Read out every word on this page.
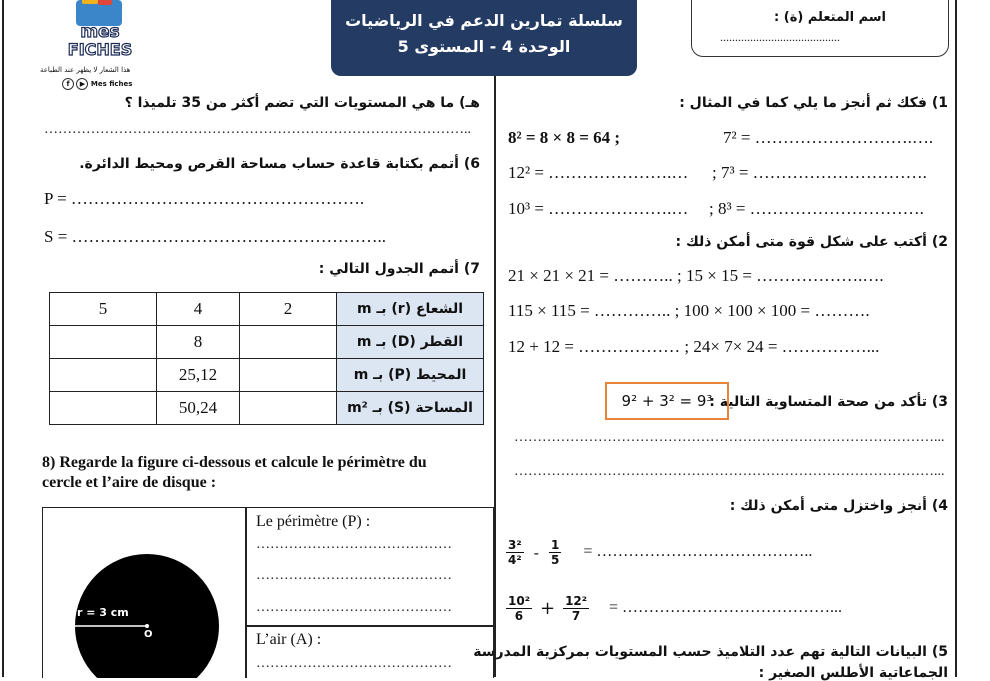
mes
FICHES
هذا الشعار لا يظهر عند الطباعة
f ▶ Mes fiches
سلسلة تمارين الدعم في الرياضيات
الوحدة 4 - المستوى 5
اسم المتعلم (ة) :
........................................
1) فكك ثم أنجز ما يلي كما في المثال :
8² = 8 × 8 = 64 ;	7² = ……………………….….
12² = ………………….… ; 7³ = ………………………….
10³ = ………………….… ; 8³ = ………………………….
2) أكتب على شكل قوة متى أمكن ذلك :
21 × 21 × 21 = ……….. ; 15 × 15 = ……………….….
115 × 115 = ………….. ; 100 × 100 × 100 = ……….
12 + 12 = ……………… ; 24× 7× 24 = ……………...
3) تأكد من صحة المتساوية التالية :
9² + 3² = 9³
………………………………………………………………………………...
………………………………………………………………………………...
4) أنجز واختزل متى أمكن ذلك :
$\frac{\text{3²}}{\text{4²}} - \frac{1}{5}$ = …………………………………..
$\frac{\text{10²}}{6} + \frac{\text{12²}}{7}$ = …………………………………...
5) البيانات التالية تهم عدد التلاميذ حسب المستويات بمركزية المدرسة
الجماعاتية الأطلس الصغير :
هـ) ما هي المستويات التي تضم أكثر من 35 تلميذا ؟
………………………………………………………………………………..
6) أتمم بكتابة قاعدة حساب مساحة القرص ومحيط الدائرة.
P = …………………………………………….
S = ………………………………………………..
7) أتمم الجدول التالي :
5	4	2	الشعاع (r) بـ m
	8		القطر (D) بـ m
	25,12		المحيط (P) بـ m
	50,24		المساحة (S) بـ m²
8) Regarde la figure ci-dessous et calcule le périmètre du
cercle et l’aire de disque :
r = 3 cm
O
Le périmètre (P) :
……………………………………
……………………………………
……………………………………
L’air (A) :
……………………………………
